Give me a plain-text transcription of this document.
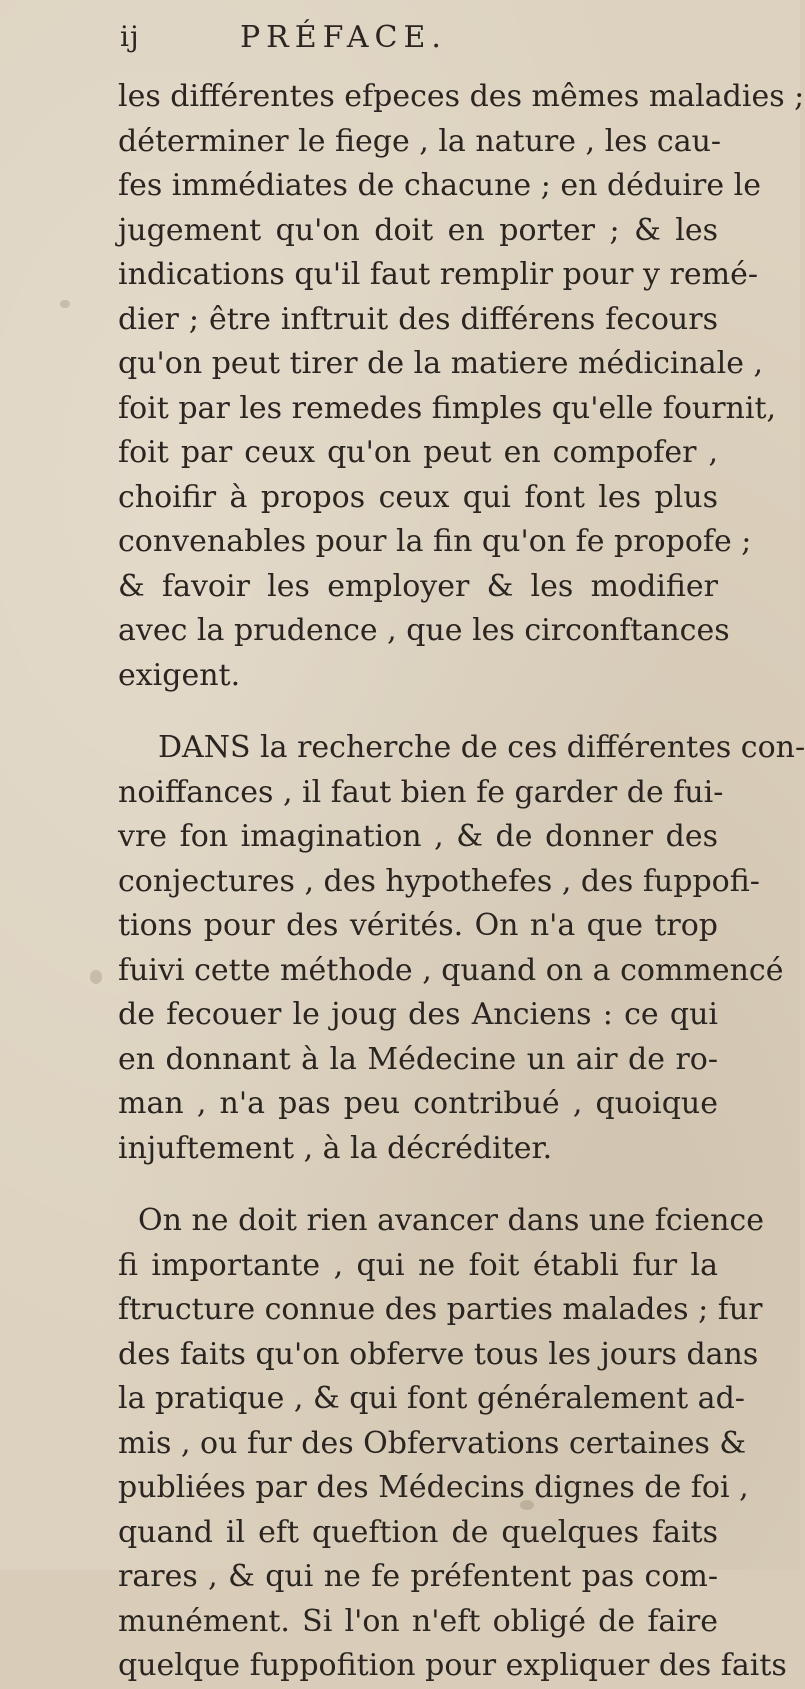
ij	PRÉFACE.

les différentes efpeces des mêmes maladies ;
déterminer le fiege , la nature , les cau-
fes immédiates de chacune ; en déduire le
jugement qu'on doit en porter ; & les
indications qu'il faut remplir pour y remé-
dier ; être inftruit des différens fecours
qu'on peut tirer de la matiere médicinale ,
foit par les remedes fimples qu'elle fournit,
foit par ceux qu'on peut en compofer ,
choifir à propos ceux qui font les plus
convenables pour la fin qu'on fe propofe ;
& favoir les employer & les modifier
avec la prudence , que les circonftances
exigent.

DANS la recherche de ces différentes con-
noiffances , il faut bien fe garder de fui-
vre fon imagination , & de donner des
conjectures , des hypothefes , des fuppofi-
tions pour des vérités. On n'a que trop
fuivi cette méthode , quand on a commencé
de fecouer le joug des Anciens : ce qui
en donnant à la Médecine un air de ro-
man , n'a pas peu contribué , quoique
injuftement , à la décréditer.

On ne doit rien avancer dans une fcience
fi importante , qui ne foit établi fur la
ftructure connue des parties malades ; fur
des faits qu'on obferve tous les jours dans
la pratique , & qui font généralement ad-
mis , ou fur des Obfervations certaines &
publiées par des Médecins dignes de foi ,
quand il eft queftion de quelques faits
rares , & qui ne fe préfentent pas com-
munément. Si l'on n'eft obligé de faire
quelque fuppofition pour expliquer des faits
